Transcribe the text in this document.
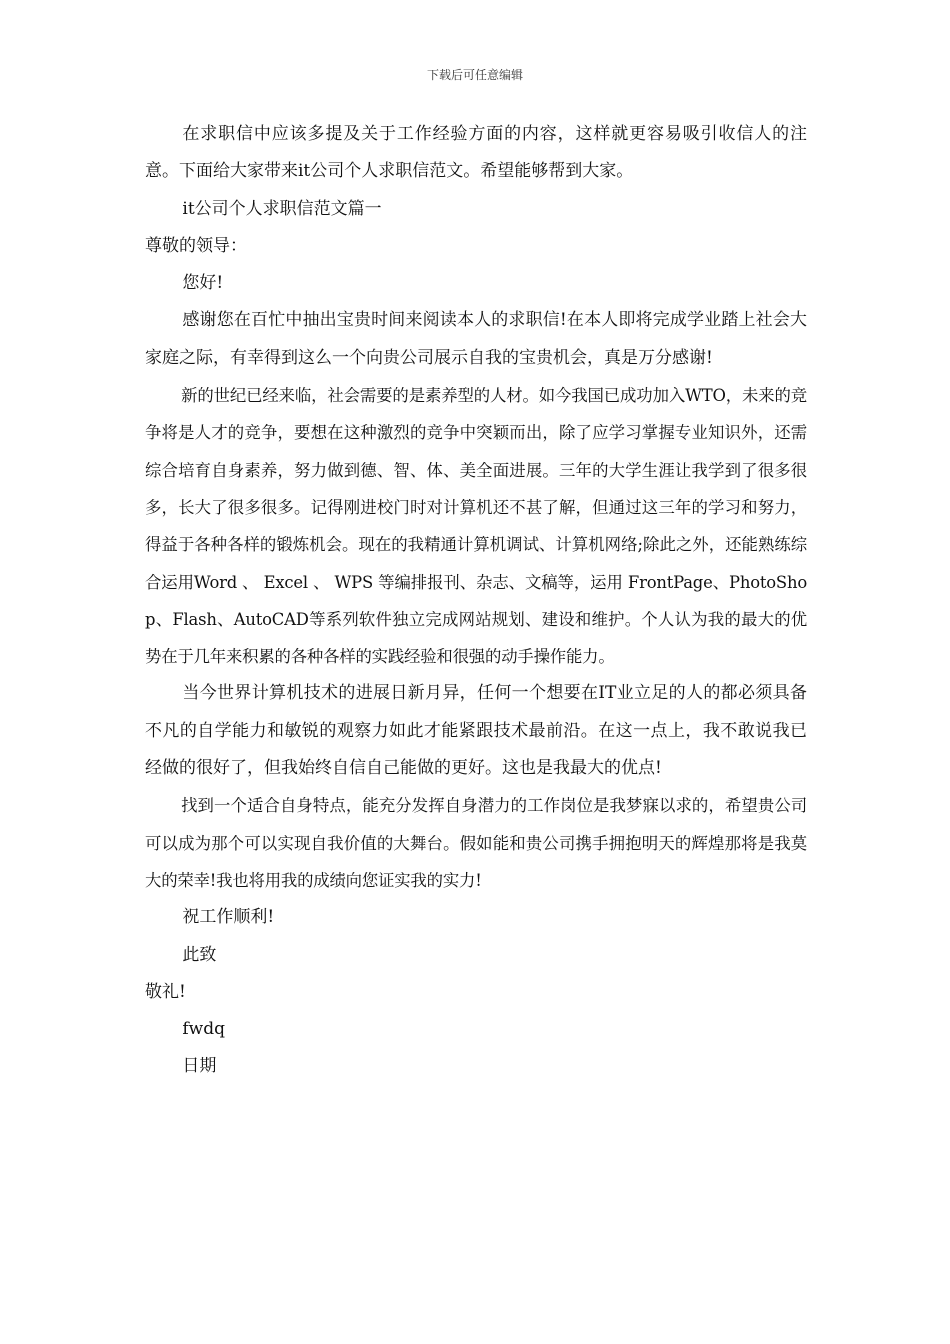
下载后可任意编辑

在求职信中应该多提及关于工作经验方面的内容，这样就更容易吸引收信人的注意。下面给大家带来it公司个人求职信范文。希望能够帮到大家。

it公司个人求职信范文篇一

尊敬的领导：

您好!

感谢您在百忙中抽出宝贵时间来阅读本人的求职信!在本人即将完成学业踏上社会大家庭之际，有幸得到这么一个向贵公司展示自我的宝贵机会，真是万分感谢!

新的世纪已经来临，社会需要的是素养型的人材。如今我国已成功加入WTO，未来的竞争将是人才的竞争，要想在这种激烈的竞争中突颖而出，除了应学习掌握专业知识外，还需综合培育自身素养，努力做到德、智、体、美全面进展。三年的大学生涯让我学到了很多很多，长大了很多很多。记得刚进校门时对计算机还不甚了解，但通过这三年的学习和努力，得益于各种各样的锻炼机会。现在的我精通计算机调试、计算机网络;除此之外，还能熟练综合运用Word 、 Excel 、 WPS 等编排报刊、杂志、文稿等，运用 FrontPage、PhotoShop、Flash、AutoCAD等系列软件独立完成网站规划、建设和维护。个人认为我的最大的优势在于几年来积累的各种各样的实践经验和很强的动手操作能力。

当今世界计算机技术的进展日新月异，任何一个想要在IT业立足的人的都必须具备不凡的自学能力和敏锐的观察力如此才能紧跟技术最前沿。在这一点上，我不敢说我已经做的很好了，但我始终自信自己能做的更好。这也是我最大的优点!

找到一个适合自身特点，能充分发挥自身潜力的工作岗位是我梦寐以求的，希望贵公司可以成为那个可以实现自我价值的大舞台。假如能和贵公司携手拥抱明天的辉煌那将是我莫大的荣幸!我也将用我的成绩向您证实我的实力!

祝工作顺利!

此致

敬礼!

fwdq

日期
